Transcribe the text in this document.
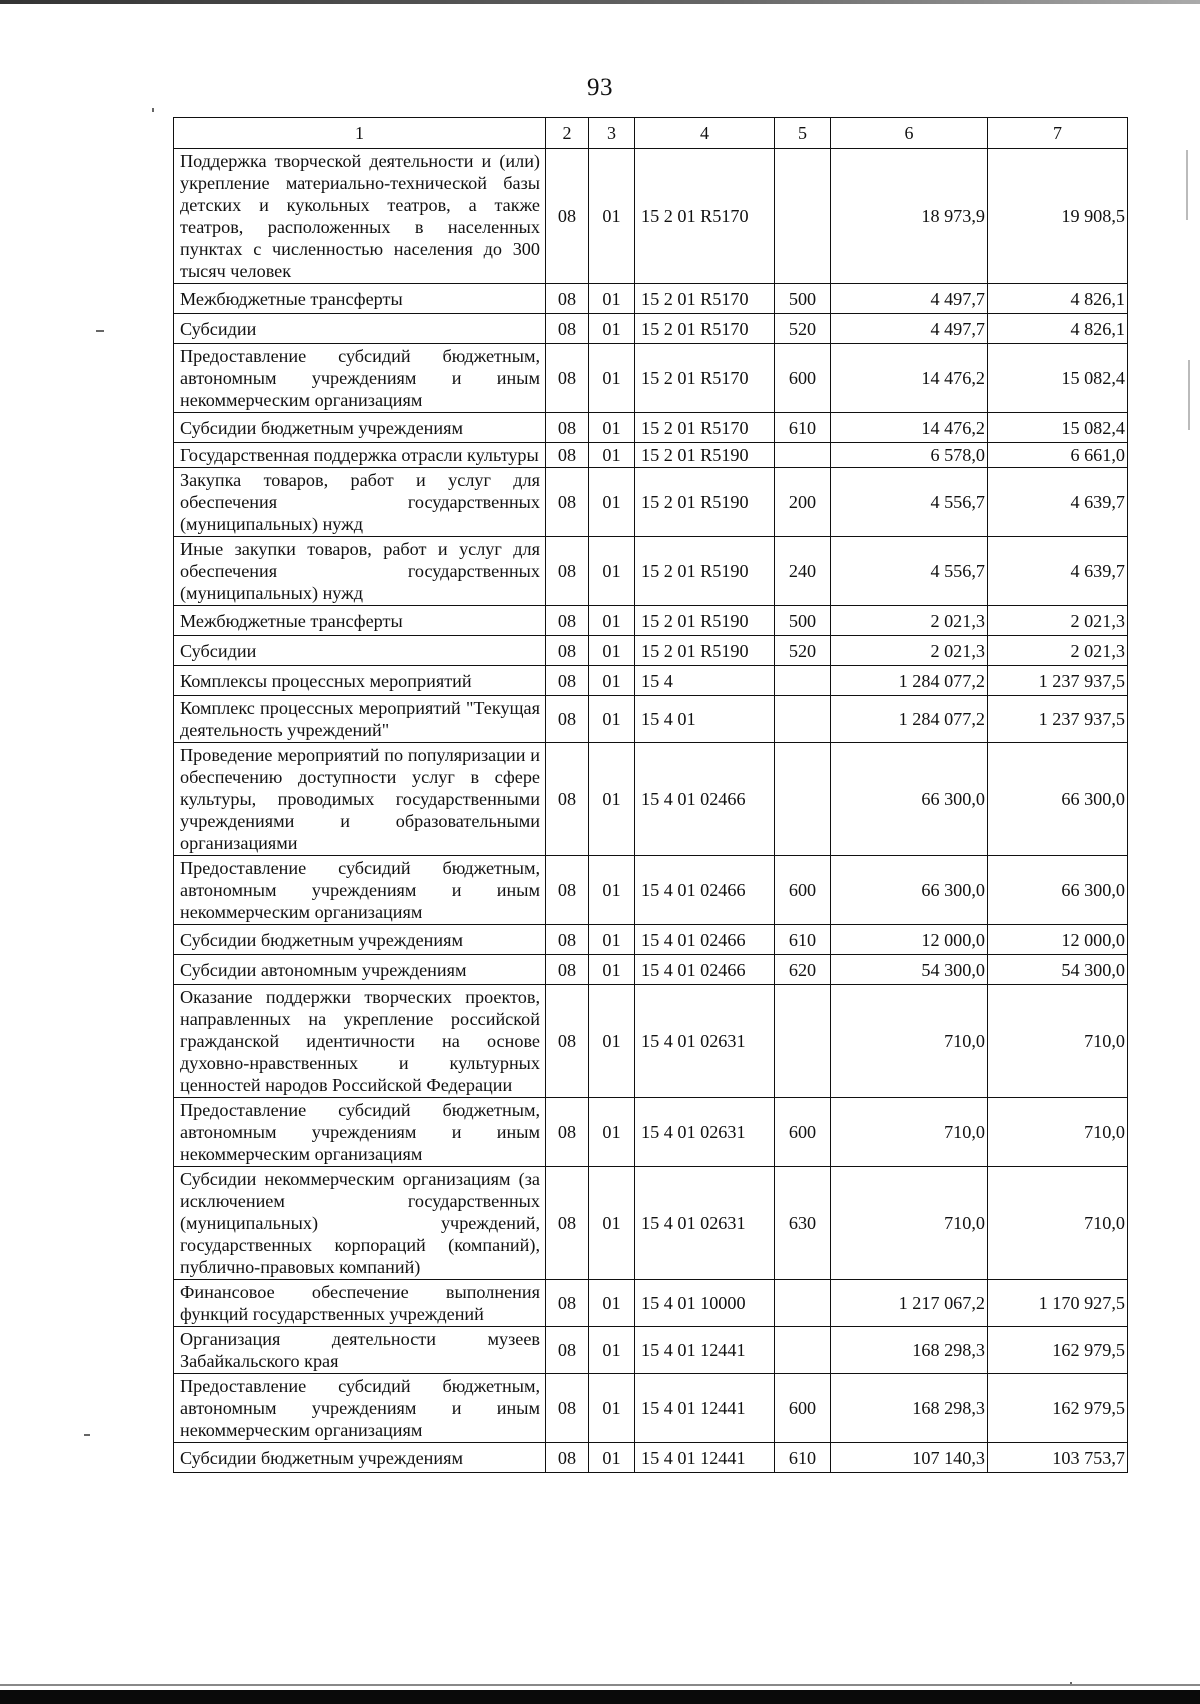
93
1	2	3	4	5	6	7
Поддержка творческой деятельности и (или) укрепление материально-технической базы детских и кукольных театров, а также театров, расположенных в населенных пунктах с численностью населения до 300 тысяч человек	08	01	15 2 01 R5170		18 973,9	19 908,5
Межбюджетные трансферты	08	01	15 2 01 R5170	500	4 497,7	4 826,1
Субсидии	08	01	15 2 01 R5170	520	4 497,7	4 826,1
Предоставление субсидий бюджетным, автономным учреждениям и иным некоммерческим организациям	08	01	15 2 01 R5170	600	14 476,2	15 082,4
Субсидии бюджетным учреждениям	08	01	15 2 01 R5170	610	14 476,2	15 082,4
Государственная поддержка отрасли культуры	08	01	15 2 01 R5190		6 578,0	6 661,0
Закупка товаров, работ и услуг для обеспечения государственных (муниципальных) нужд	08	01	15 2 01 R5190	200	4 556,7	4 639,7
Иные закупки товаров, работ и услуг для обеспечения государственных (муниципальных) нужд	08	01	15 2 01 R5190	240	4 556,7	4 639,7
Межбюджетные трансферты	08	01	15 2 01 R5190	500	2 021,3	2 021,3
Субсидии	08	01	15 2 01 R5190	520	2 021,3	2 021,3
Комплексы процессных мероприятий	08	01	15 4		1 284 077,2	1 237 937,5
Комплекс процессных мероприятий "Текущая деятельность учреждений"	08	01	15 4 01		1 284 077,2	1 237 937,5
Проведение мероприятий по популяризации и обеспечению доступности услуг в сфере культуры, проводимых государственными учреждениями и образовательными организациями	08	01	15 4 01 02466		66 300,0	66 300,0
Предоставление субсидий бюджетным, автономным учреждениям и иным некоммерческим организациям	08	01	15 4 01 02466	600	66 300,0	66 300,0
Субсидии бюджетным учреждениям	08	01	15 4 01 02466	610	12 000,0	12 000,0
Субсидии автономным учреждениям	08	01	15 4 01 02466	620	54 300,0	54 300,0
Оказание поддержки творческих проектов, направленных на укрепление российской гражданской идентичности на основе духовно-нравственных и культурных ценностей народов Российской Федерации	08	01	15 4 01 02631		710,0	710,0
Предоставление субсидий бюджетным, автономным учреждениям и иным некоммерческим организациям	08	01	15 4 01 02631	600	710,0	710,0
Субсидии некоммерческим организациям (за исключением государственных (муниципальных) учреждений, государственных корпораций (компаний), публично-правовых компаний)	08	01	15 4 01 02631	630	710,0	710,0
Финансовое обеспечение выполнения функций государственных учреждений	08	01	15 4 01 10000		1 217 067,2	1 170 927,5
Организация деятельности музеев Забайкальского края	08	01	15 4 01 12441		168 298,3	162 979,5
Предоставление субсидий бюджетным, автономным учреждениям и иным некоммерческим организациям	08	01	15 4 01 12441	600	168 298,3	162 979,5
Субсидии бюджетным учреждениям	08	01	15 4 01 12441	610	107 140,3	103 753,7
